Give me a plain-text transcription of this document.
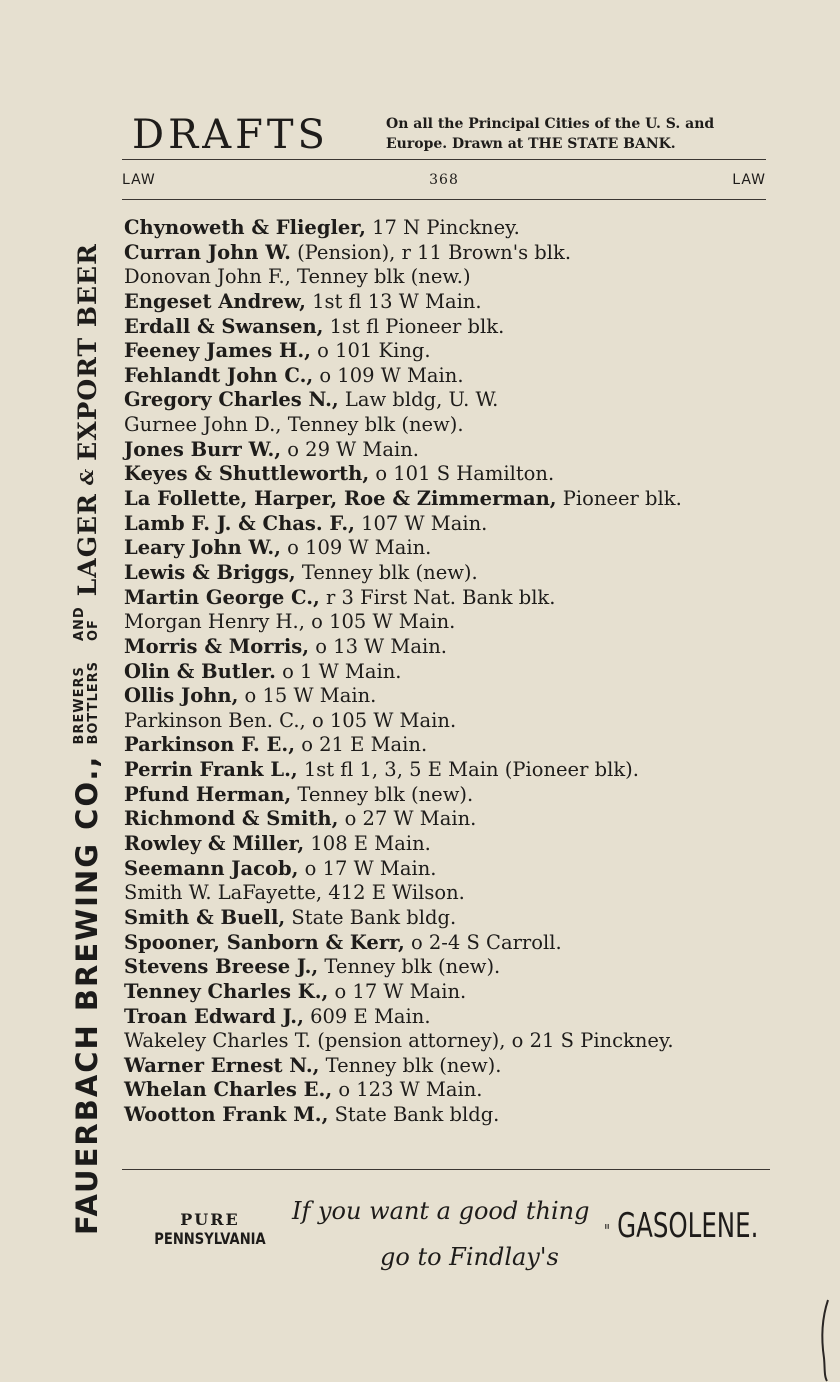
FAUERBACH BREWING CO.,
BREWERS BOTTLERS
AND OF
LAGER
&
EXPORT BEER
DRAFTS	On all the Principal Cities of the U. S. and
Europe. Drawn at THE STATE BANK.
LAW	368	LAW
Chynoweth & Fliegler, 17 N Pinckney.
Curran John W. (Pension), r 11 Brown's blk.
Donovan John F., Tenney blk (new.)
Engeset Andrew, 1st fl 13 W Main.
Erdall & Swansen, 1st fl Pioneer blk.
Feeney James H., o 101 King.
Fehlandt John C., o 109 W Main.
Gregory Charles N., Law bldg, U. W.
Gurnee John D., Tenney blk (new).
Jones Burr W., o 29 W Main.
Keyes & Shuttleworth, o 101 S Hamilton.
La Follette, Harper, Roe & Zimmerman, Pioneer blk.
Lamb F. J. & Chas. F., 107 W Main.
Leary John W., o 109 W Main.
Lewis & Briggs, Tenney blk (new).
Martin George C., r 3 First Nat. Bank blk.
Morgan Henry H., o 105 W Main.
Morris & Morris, o 13 W Main.
Olin & Butler. o 1 W Main.
Ollis John, o 15 W Main.
Parkinson Ben. C., o 105 W Main.
Parkinson F. E., o 21 E Main.
Perrin Frank L., 1st fl 1, 3, 5 E Main (Pioneer blk).
Pfund Herman, Tenney blk (new).
Richmond & Smith, o 27 W Main.
Rowley & Miller, 108 E Main.
Seemann Jacob, o 17 W Main.
Smith W. LaFayette, 412 E Wilson.
Smith & Buell, State Bank bldg.
Spooner, Sanborn & Kerr, o 2-4 S Carroll.
Stevens Breese J., Tenney blk (new).
Tenney Charles K., o 17 W Main.
Troan Edward J., 609 E Main.
Wakeley Charles T. (pension attorney), o 21 S Pinckney.
Warner Ernest N., Tenney blk (new).
Whelan Charles E., o 123 W Main.
Wootton Frank M., State Bank bldg.
PURE
PENNSYLVANIA
If you want a good thing
go to Findlay's
" GASOLENE.
